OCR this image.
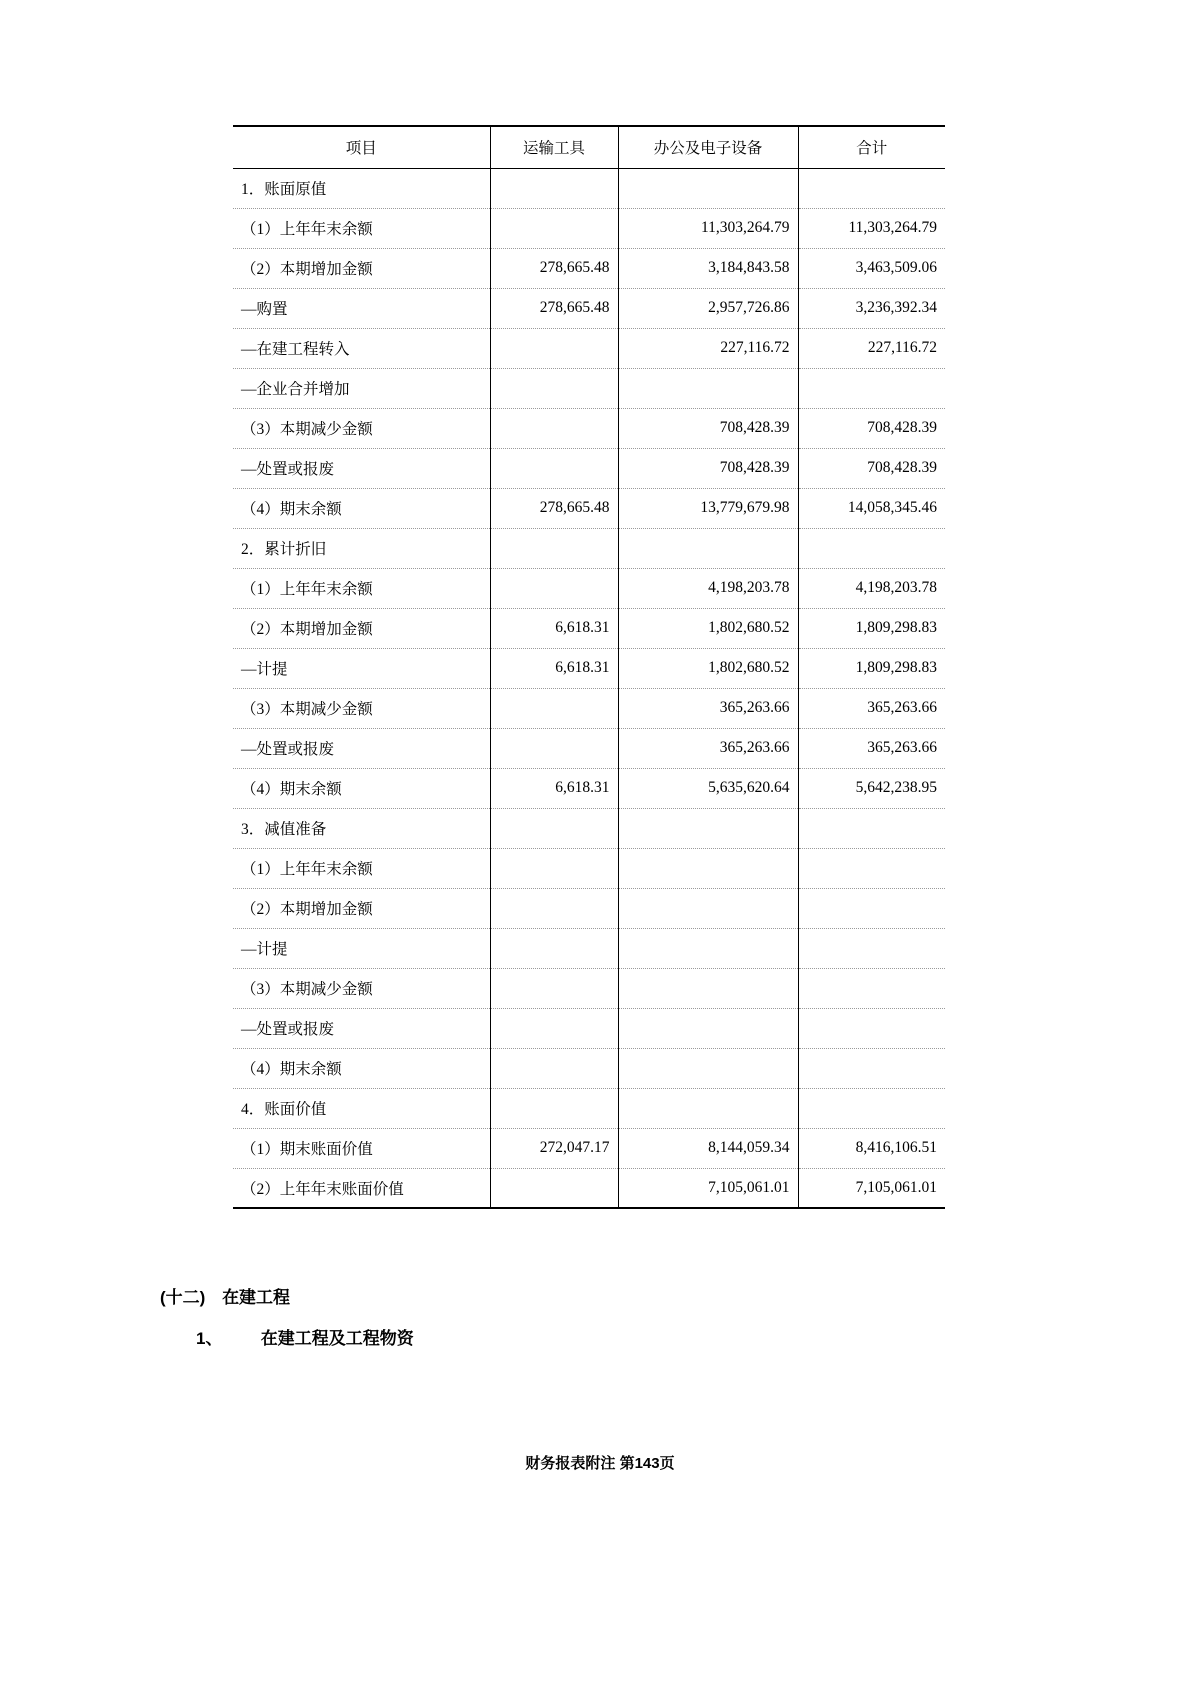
项目	运输工具	办公及电子设备	合计
1．账面原值			
（1）上年年末余额		11,303,264.79	11,303,264.79
（2）本期增加金额	278,665.48	3,184,843.58	3,463,509.06
—购置	278,665.48	2,957,726.86	3,236,392.34
—在建工程转入		227,116.72	227,116.72
—企业合并增加			
（3）本期减少金额		708,428.39	708,428.39
—处置或报废		708,428.39	708,428.39
（4）期末余额	278,665.48	13,779,679.98	14,058,345.46
2．累计折旧			
（1）上年年末余额		4,198,203.78	4,198,203.78
（2）本期增加金额	6,618.31	1,802,680.52	1,809,298.83
—计提	6,618.31	1,802,680.52	1,809,298.83
（3）本期减少金额		365,263.66	365,263.66
—处置或报废		365,263.66	365,263.66
（4）期末余额	6,618.31	5,635,620.64	5,642,238.95
3．减值准备			
（1）上年年末余额			
（2）本期增加金额			
—计提			
（3）本期减少金额			
—处置或报废			
（4）期末余额			
4．账面价值			
（1）期末账面价值	272,047.17	8,144,059.34	8,416,106.51
（2）上年年末账面价值		7,105,061.01	7,105,061.01
(十二) 在建工程
1、 在建工程及工程物资
财务报表附注 第143页
